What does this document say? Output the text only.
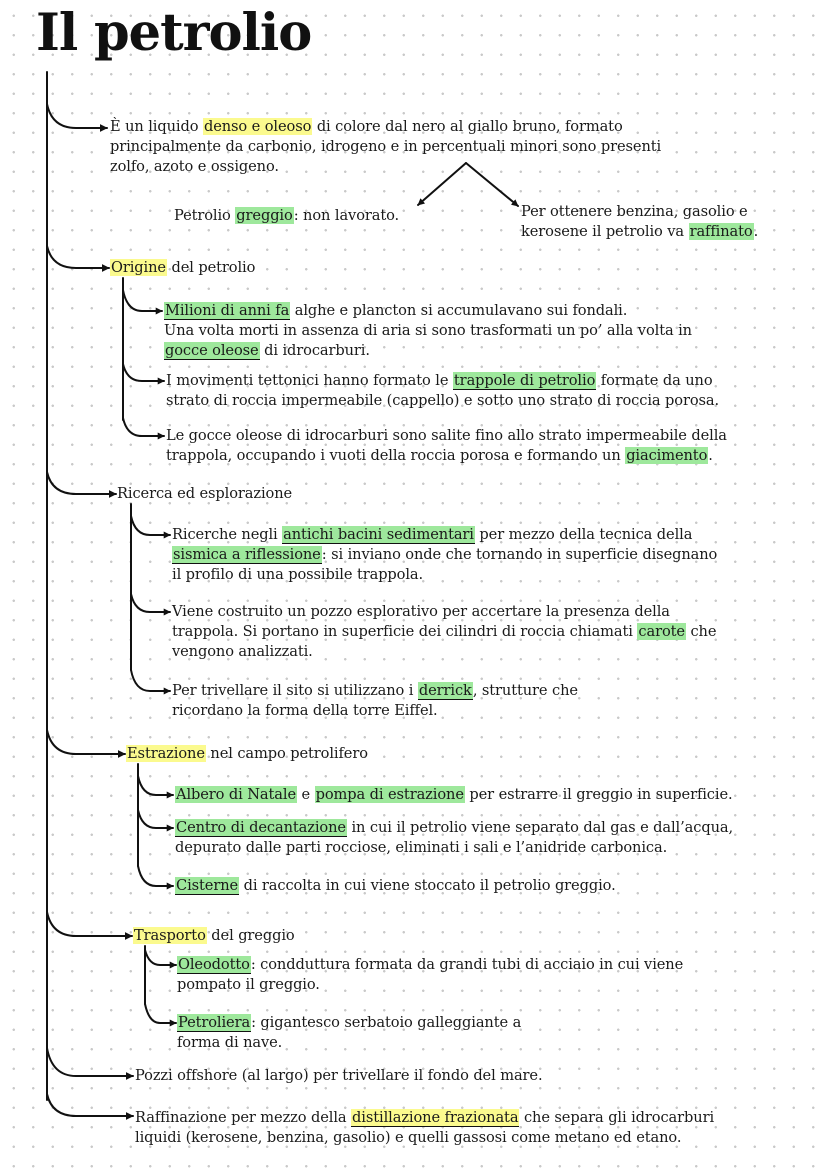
Il petrolio

È un liquido denso e oleoso di colore dal nero al giallo bruno, formato

principalmente da carbonio, idrogeno e in percentuali minori sono presenti

zolfo, azoto e ossigeno.

Petrolio greggio: non lavorato.	Per ottenere benzina, gasolio e

kerosene il petrolio va raffinato.

Origine del petrolio

Milioni di anni fa alghe e plancton si accumulavano sui fondali.

Una volta morti in assenza di aria si sono trasformati un po’ alla volta in

gocce oleose di idrocarburi.

I movimenti tettonici hanno formato le trappole di petrolio formate da uno

strato di roccia impermeabile (cappello) e sotto uno strato di roccia porosa.

Le gocce oleose di idrocarburi sono salite fino allo strato impermeabile della

trappola, occupando i vuoti della roccia porosa e formando un giacimento.

Ricerca ed esplorazione

Ricerche negli antichi bacini sedimentari per mezzo della tecnica della

sismica a riflessione: si inviano onde che tornando in superficie disegnano

il profilo di una possibile trappola.

Viene costruito un pozzo esplorativo per accertare la presenza della

trappola. Si portano in superficie dei cilindri di roccia chiamati carote che

vengono analizzati.

Per trivellare il sito si utilizzano i derrick, strutture che

ricordano la forma della torre Eiffel.

Estrazione nel campo petrolifero

Albero di Natale e pompa di estrazione per estrarre il greggio in superficie.

Centro di decantazione in cui il petrolio viene separato dal gas e dall’acqua,

depurato dalle parti rocciose, eliminati i sali e l’anidride carbonica.

Cisterne di raccolta in cui viene stoccato il petrolio greggio.

Trasporto del greggio

Oleodotto: condduttura formata da grandi tubi di acciaio in cui viene

pompato il greggio.

Petroliera: gigantesco serbatoio galleggiante a

forma di nave.

Pozzi offshore (al largo) per trivellare il fondo del mare.

Raffinazione per mezzo della distillazione frazionata che separa gli idrocarburi

liquidi (kerosene, benzina, gasolio) e quelli gassosi come metano ed etano.
